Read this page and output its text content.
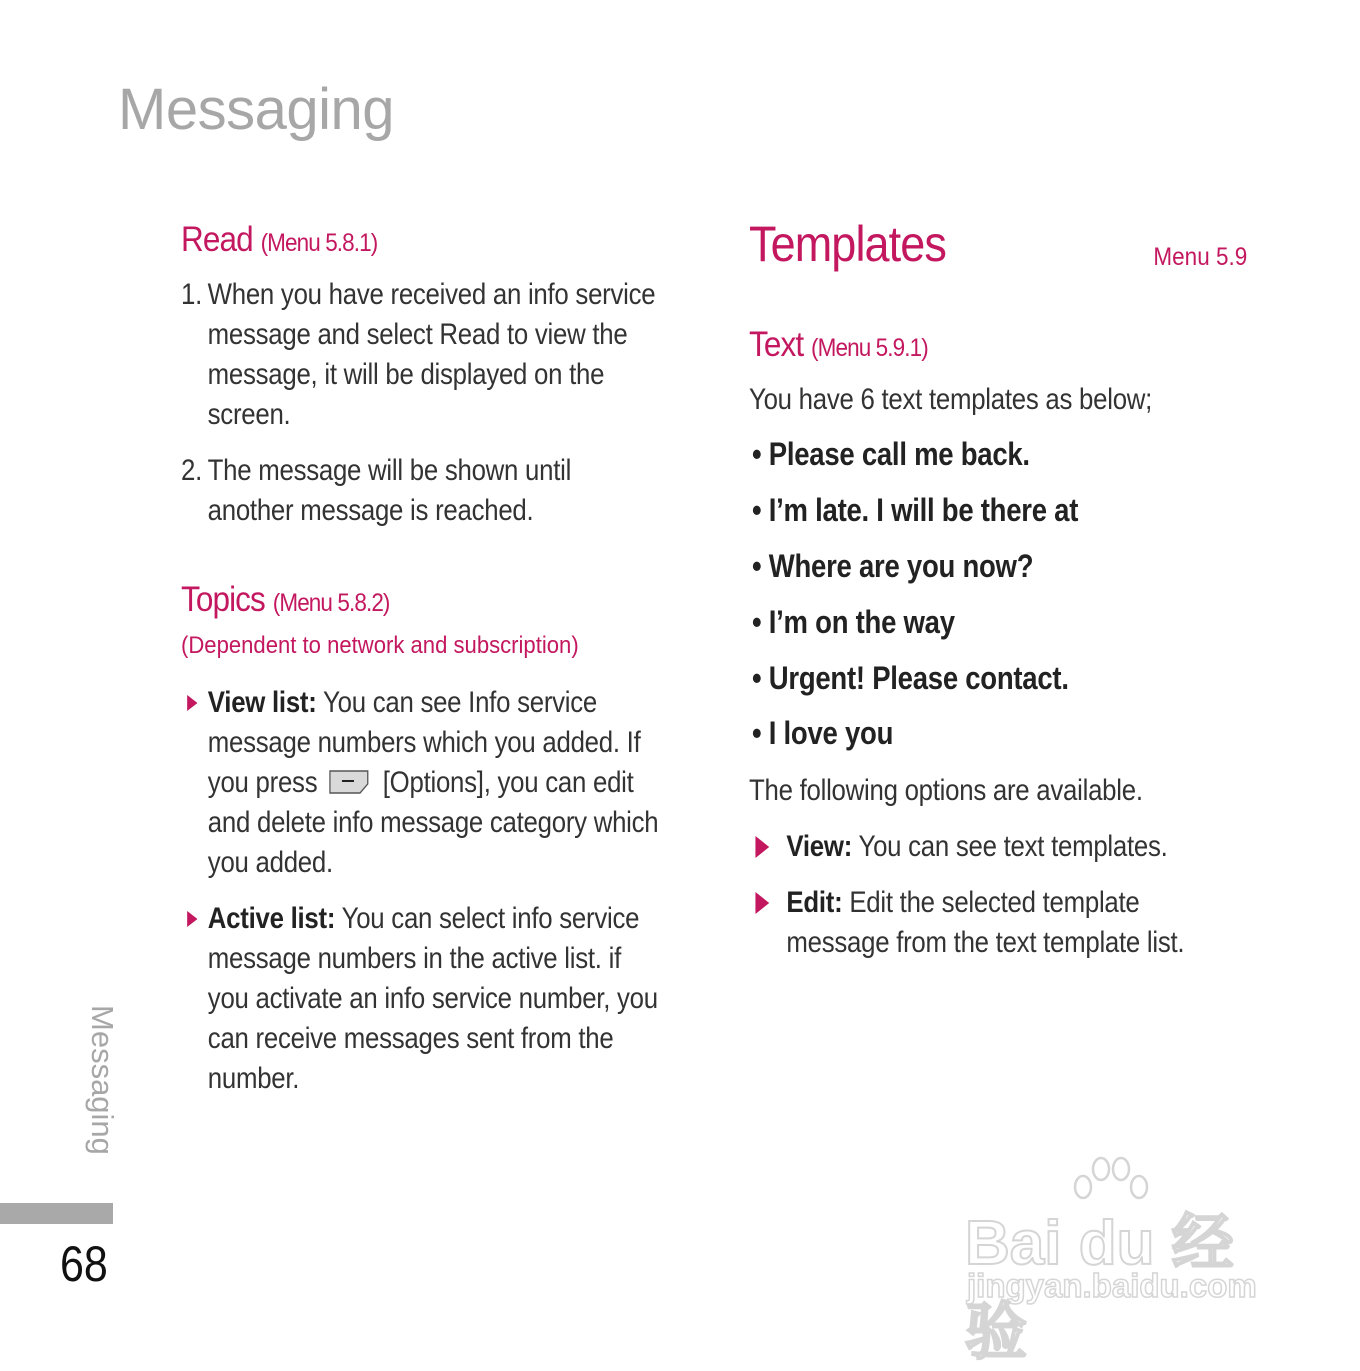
Messaging
Read (Menu 5.8.1)
1. When you have received an info service message and select Read to view the message, it will be displayed on the screen.
2. The message will be shown until another message is reached.
Topics (Menu 5.8.2)
(Dependent to network and subscription)
View list: You can see Info service message numbers which you added. If you press  [Options], you can edit and delete info message category which you added.
Active list: You can select info service message numbers in the active list. if you activate an info service number, you can receive messages sent from the number.
Templates	Menu 5.9
Text (Menu 5.9.1)
You have 6 text templates as below;
• Please call me back.
• I’m late. I will be there at
• Where are you now?
• I’m on the way
• Urgent! Please contact.
• I love you
The following options are available.
View: You can see text templates.
Edit: Edit the selected template message from the text template list.
Messaging
68	Bai du 经验
jingyan.baidu.com
